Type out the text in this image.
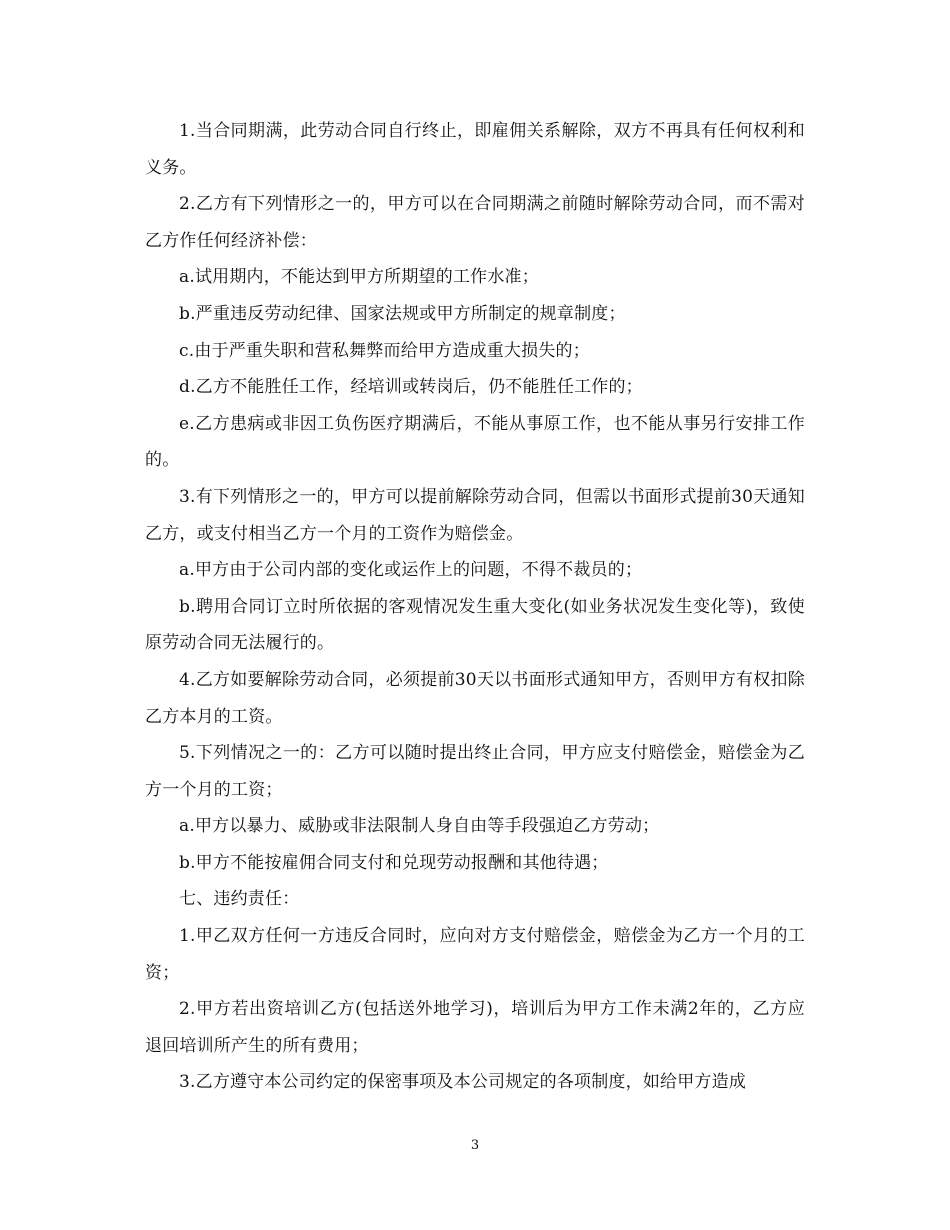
1.当合同期满，此劳动合同自行终止，即雇佣关系解除，双方不再具有任何权利和义务。

2.乙方有下列情形之一的，甲方可以在合同期满之前随时解除劳动合同，而不需对乙方作任何经济补偿：

a.试用期内，不能达到甲方所期望的工作水准；

b.严重违反劳动纪律、国家法规或甲方所制定的规章制度；

c.由于严重失职和营私舞弊而给甲方造成重大损失的；

d.乙方不能胜任工作，经培训或转岗后，仍不能胜任工作的；

e.乙方患病或非因工负伤医疗期满后，不能从事原工作，也不能从事另行安排工作的。

3.有下列情形之一的，甲方可以提前解除劳动合同，但需以书面形式提前30天通知乙方，或支付相当乙方一个月的工资作为赔偿金。

a.甲方由于公司内部的变化或运作上的问题，不得不裁员的；

b.聘用合同订立时所依据的客观情况发生重大变化(如业务状况发生变化等)，致使原劳动合同无法履行的。

4.乙方如要解除劳动合同，必须提前30天以书面形式通知甲方，否则甲方有权扣除乙方本月的工资。

5.下列情况之一的：乙方可以随时提出终止合同，甲方应支付赔偿金，赔偿金为乙方一个月的工资；

a.甲方以暴力、威胁或非法限制人身自由等手段强迫乙方劳动；

b.甲方不能按雇佣合同支付和兑现劳动报酬和其他待遇；

七、违约责任：

1.甲乙双方任何一方违反合同时，应向对方支付赔偿金，赔偿金为乙方一个月的工资；

2.甲方若出资培训乙方(包括送外地学习)，培训后为甲方工作未满2年的，乙方应退回培训所产生的所有费用；

3.乙方遵守本公司约定的保密事项及本公司规定的各项制度，如给甲方造成

3
